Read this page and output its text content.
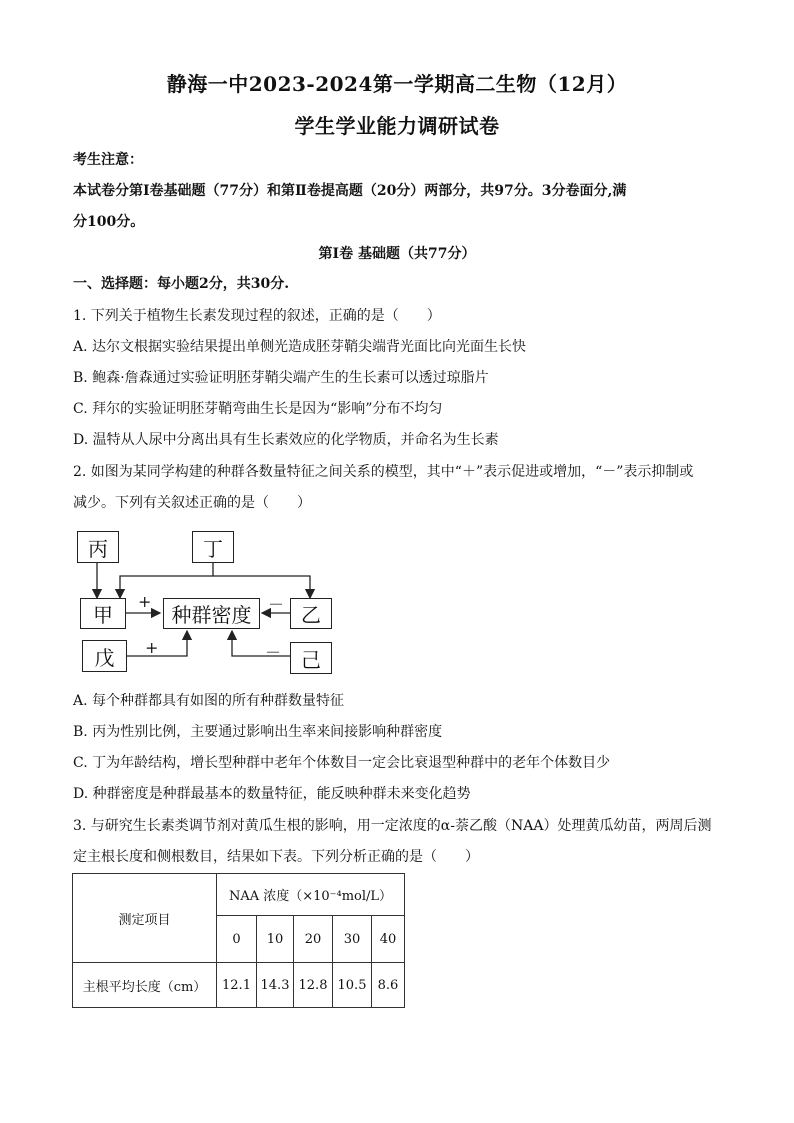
静海一中2023-2024第一学期高二生物（12月）
学生学业能力调研试卷
考生注意：
本试卷分第Ⅰ卷基础题（77分）和第Ⅱ卷提高题（20分）两部分，共97分。3分卷面分,满
分100分。
第Ⅰ卷 基础题（共77分）
一、选择题：每小题2分，共30分.
1. 下列关于植物生长素发现过程的叙述，正确的是（　　）
A. 达尔文根据实验结果提出单侧光造成胚芽鞘尖端背光面比向光面生长快
B. 鲍森·詹森通过实验证明胚芽鞘尖端产生的生长素可以透过琼脂片
C. 拜尔的实验证明胚芽鞘弯曲生长是因为“影响”分布不均匀
D. 温特从人尿中分离出具有生长素效应的化学物质，并命名为生长素
2. 如图为某同学构建的种群各数量特征之间关系的模型，其中“＋”表示促进或增加，“－”表示抑制或
减少。下列有关叙述正确的是（　　）
丙	丁
甲	种群密度	乙
戊	己
+	－
+	－
A. 每个种群都具有如图的所有种群数量特征
B. 丙为性别比例，主要通过影响出生率来间接影响种群密度
C. 丁为年龄结构，增长型种群中老年个体数目一定会比衰退型种群中的老年个体数目少
D. 种群密度是种群最基本的数量特征，能反映种群未来变化趋势
3. 与研究生长素类调节剂对黄瓜生根的影响，用一定浓度的α-萘乙酸（NAA）处理黄瓜幼苗，两周后测
定主根长度和侧根数目，结果如下表。下列分析正确的是（　　）
测定项目	NAA 浓度（×10⁻⁴mol/L）				
	0	10	20	30	40
主根平均长度（cm）	12.1	14.3	12.8	10.5	8.6
